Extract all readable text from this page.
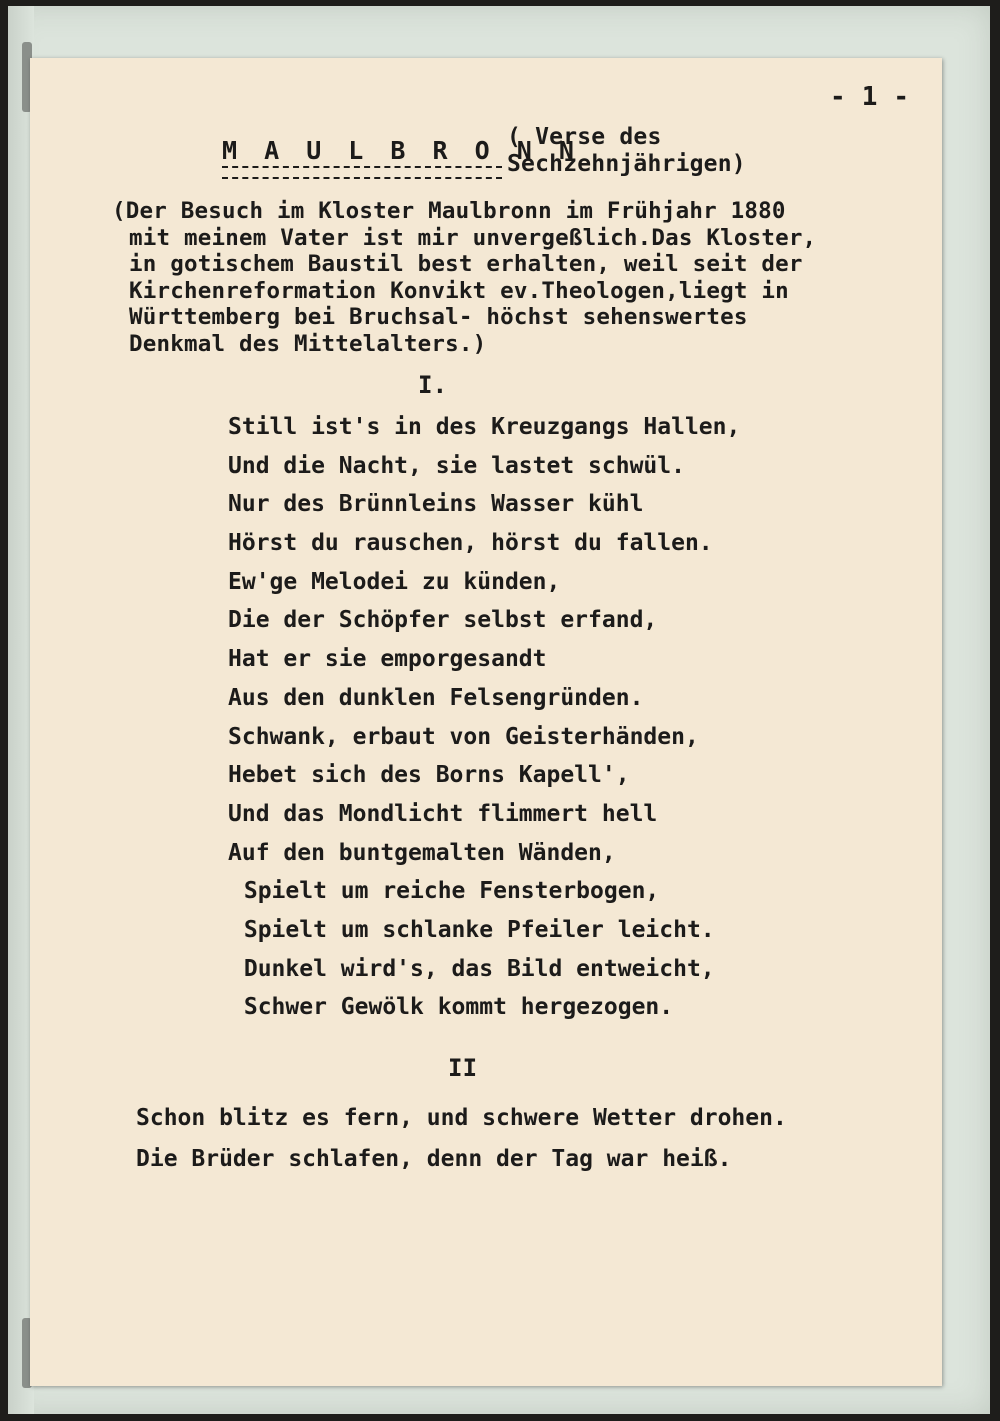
- 1 -
M A U L B R O N N
( Verse des
Sechzehnjährigen)
(Der Besuch im Kloster Maulbronn im Frühjahr 1880
mit meinem Vater ist mir unvergeßlich.Das Kloster,
in gotischem Baustil best erhalten, weil seit der
Kirchenreformation Konvikt ev.Theologen,liegt in
Württemberg bei Bruchsal- höchst sehenswertes
Denkmal des Mittelalters.)
I.
Still ist's in des Kreuzgangs Hallen,
Und die Nacht, sie lastet schwül.
Nur des Brünnleins Wasser kühl
Hörst du rauschen, hörst du fallen.
Ew'ge Melodei zu künden,
Die der Schöpfer selbst erfand,
Hat er sie emporgesandt
Aus den dunklen Felsengründen.
Schwank, erbaut von Geisterhänden,
Hebet sich des Borns Kapell',
Und das Mondlicht flimmert hell
Auf den buntgemalten Wänden,
Spielt um reiche Fensterbogen,
Spielt um schlanke Pfeiler leicht.
Dunkel wird's, das Bild entweicht,
Schwer Gewölk kommt hergezogen.
II
Schon blitz es fern, und schwere Wetter drohen.
Die Brüder schlafen, denn der Tag war heiß.
